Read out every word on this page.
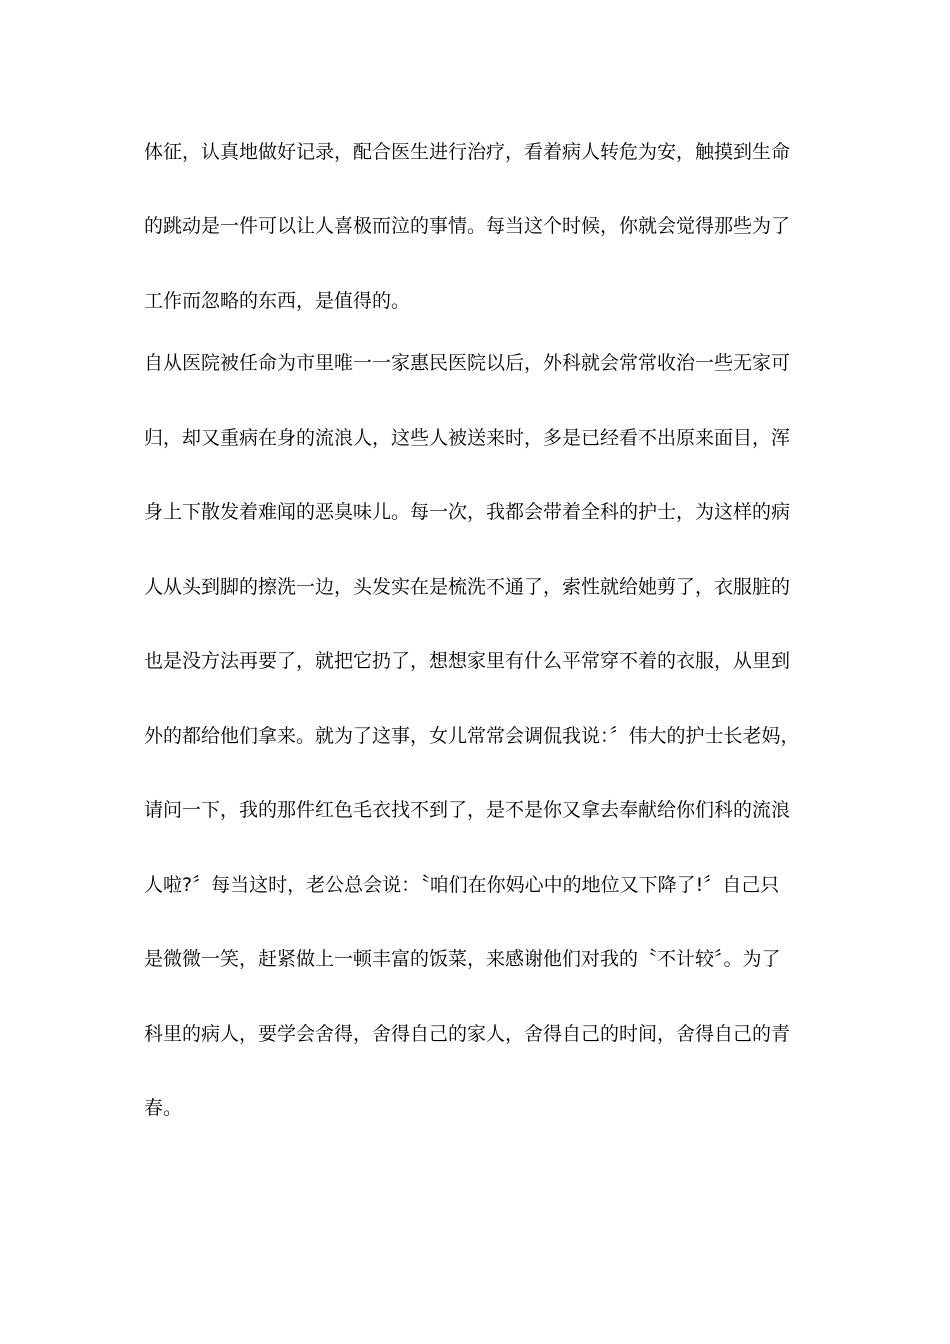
体征，认真地做好记录，配合医生进行治疗，看着病人转危为安，触摸到生命
的跳动是一件可以让人喜极而泣的事情。每当这个时候，你就会觉得那些为了
工作而忽略的东西，是值得的。
自从医院被任命为市里唯一一家惠民医院以后，外科就会常常收治一些无家可
归，却又重病在身的流浪人，这些人被送来时，多是已经看不出原来面目，浑
身上下散发着难闻的恶臭味儿。每一次，我都会带着全科的护士，为这样的病
人从头到脚的擦洗一边，头发实在是梳洗不通了，索性就给她剪了，衣服脏的
也是没方法再要了，就把它扔了，想想家里有什么平常穿不着的衣服，从里到
外的都给他们拿来。就为了这事，女儿常常会调侃我说：〞伟大的护士长老妈，
请问一下，我的那件红色毛衣找不到了，是不是你又拿去奉献给你们科的流浪
人啦?〞每当这时，老公总会说：〝咱们在你妈心中的地位又下降了!〞自己只
是微微一笑，赶紧做上一顿丰富的饭菜，来感谢他们对我的〝不计较〞。为了
科里的病人，要学会舍得，舍得自己的家人，舍得自己的时间，舍得自己的青
春。
